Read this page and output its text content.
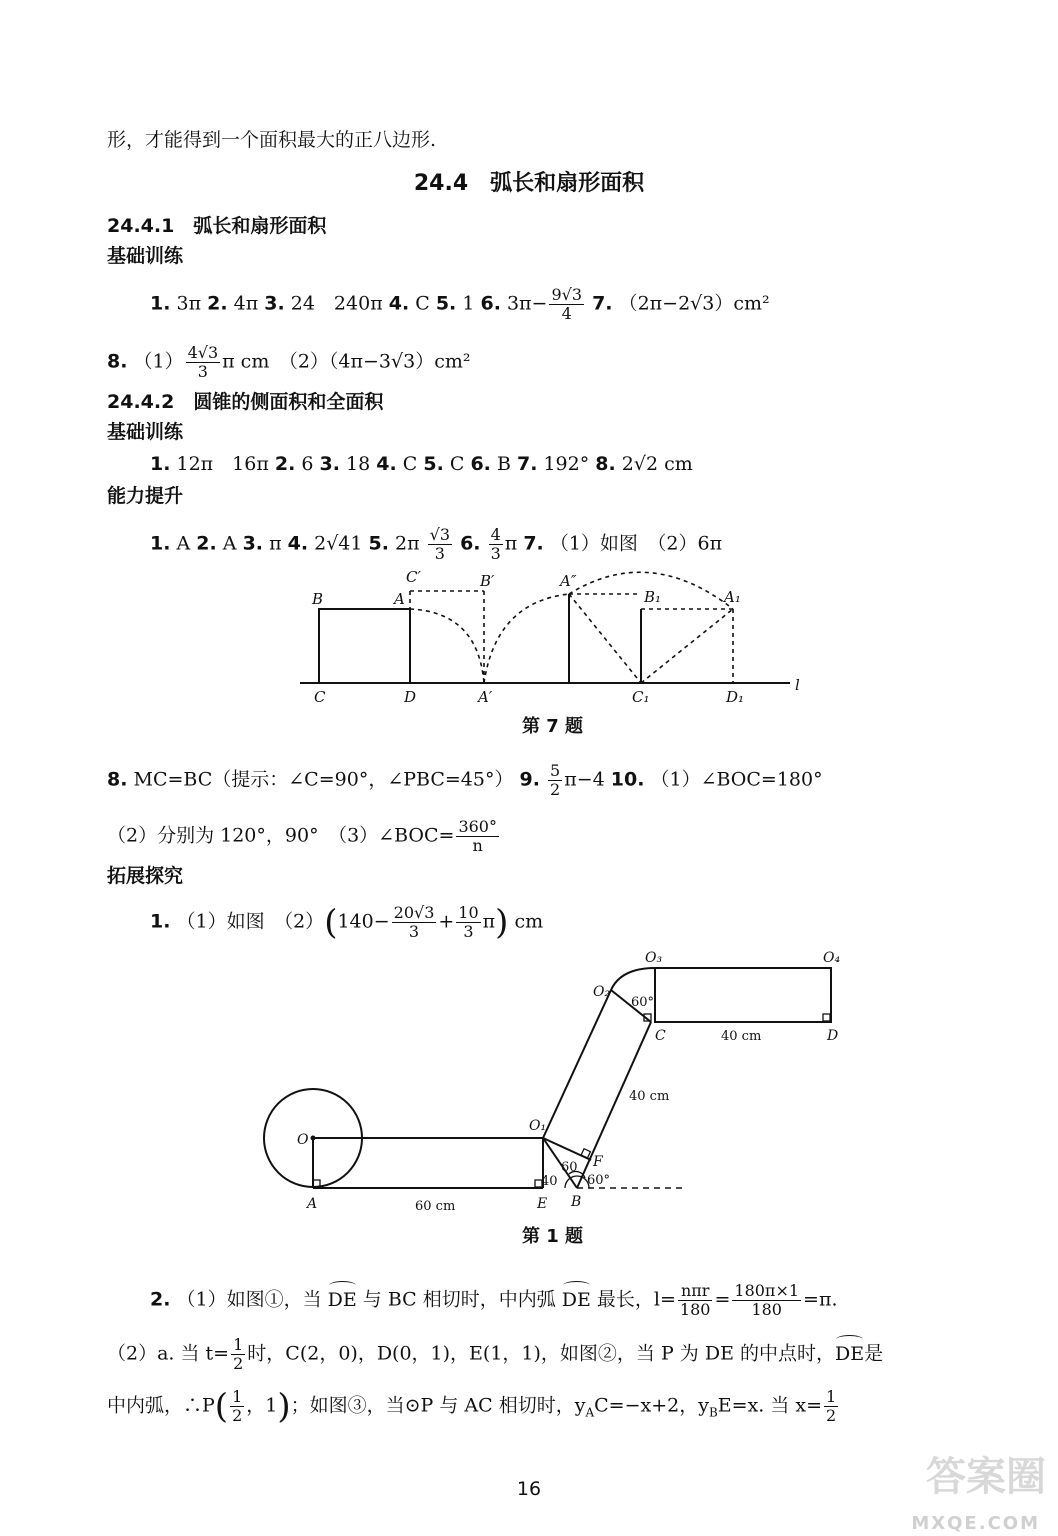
形，才能得到一个面积最大的正八边形.
24.4　弧长和扇形面积
24.4.1　弧长和扇形面积
基础训练
1. 3π 2. 4π 3. 24　240π 4. C 5. 1 6. $3\pi- \frac{9√3}{4} 7$. （2π−2√3）cm²
8. $(1) \frac{4√3}{3}$ π cm　（2）（4π−3√3）cm²
24.4.2　圆锥的侧面积和全面积
基础训练
1. 12π　16π 2. 6 3. 18 4. C 5. C 6. B 7. 192° 8. 2√2 cm
能力提升
1. A 2. A 3. π 4. 2√41 5. $2\pi \frac{√3}{3} 6$. $\frac{4}{3}$ π 7. （1）如图　（2）6π
B	A
C	D
C′	B′	A″
A′
B₁	A₁
C₁	D₁
l
第 7 题
8. MC=BC（提示：∠C=90°，∠PBC=45°） 9. $\frac{5}{2} \pi-4$ 10. （1）∠BOC=180°
（2）分别为 120°，90°　（3）∠BOC= $\frac{360^\circ}{n}$
拓展探究
1. （1）如图　$(2)(140- \frac{20√3}{3} + \frac{10}{3} \pi)$ cm
O
A
O₁
E B
F
O₂
O₃	O₄
C	D
60 cm
40
60
60°
40 cm
60°
40 cm
第 1 题
2. （1）如图①，当 DE 与 BC 相切时，中内弧 DE 最长，$l= \frac{\text{nπr}}{180} = \frac{180\pi\times 1}{180} =\pi$.
（2）a. 当 $t= \frac{1}{2}$ 时，C(2，0)，D(0，1)，E(1，1)，如图②，当 P 为 DE 的中点时，DE是
中内弧，∴P( $\frac{1}{2}$ ，1)；如图③，当⊙P 与 AC 相切时，$y_AC=-x+2$，$y_BE=x$. 当 $x= \frac{1}{2}$
16	答案圈
MXQE.COM
